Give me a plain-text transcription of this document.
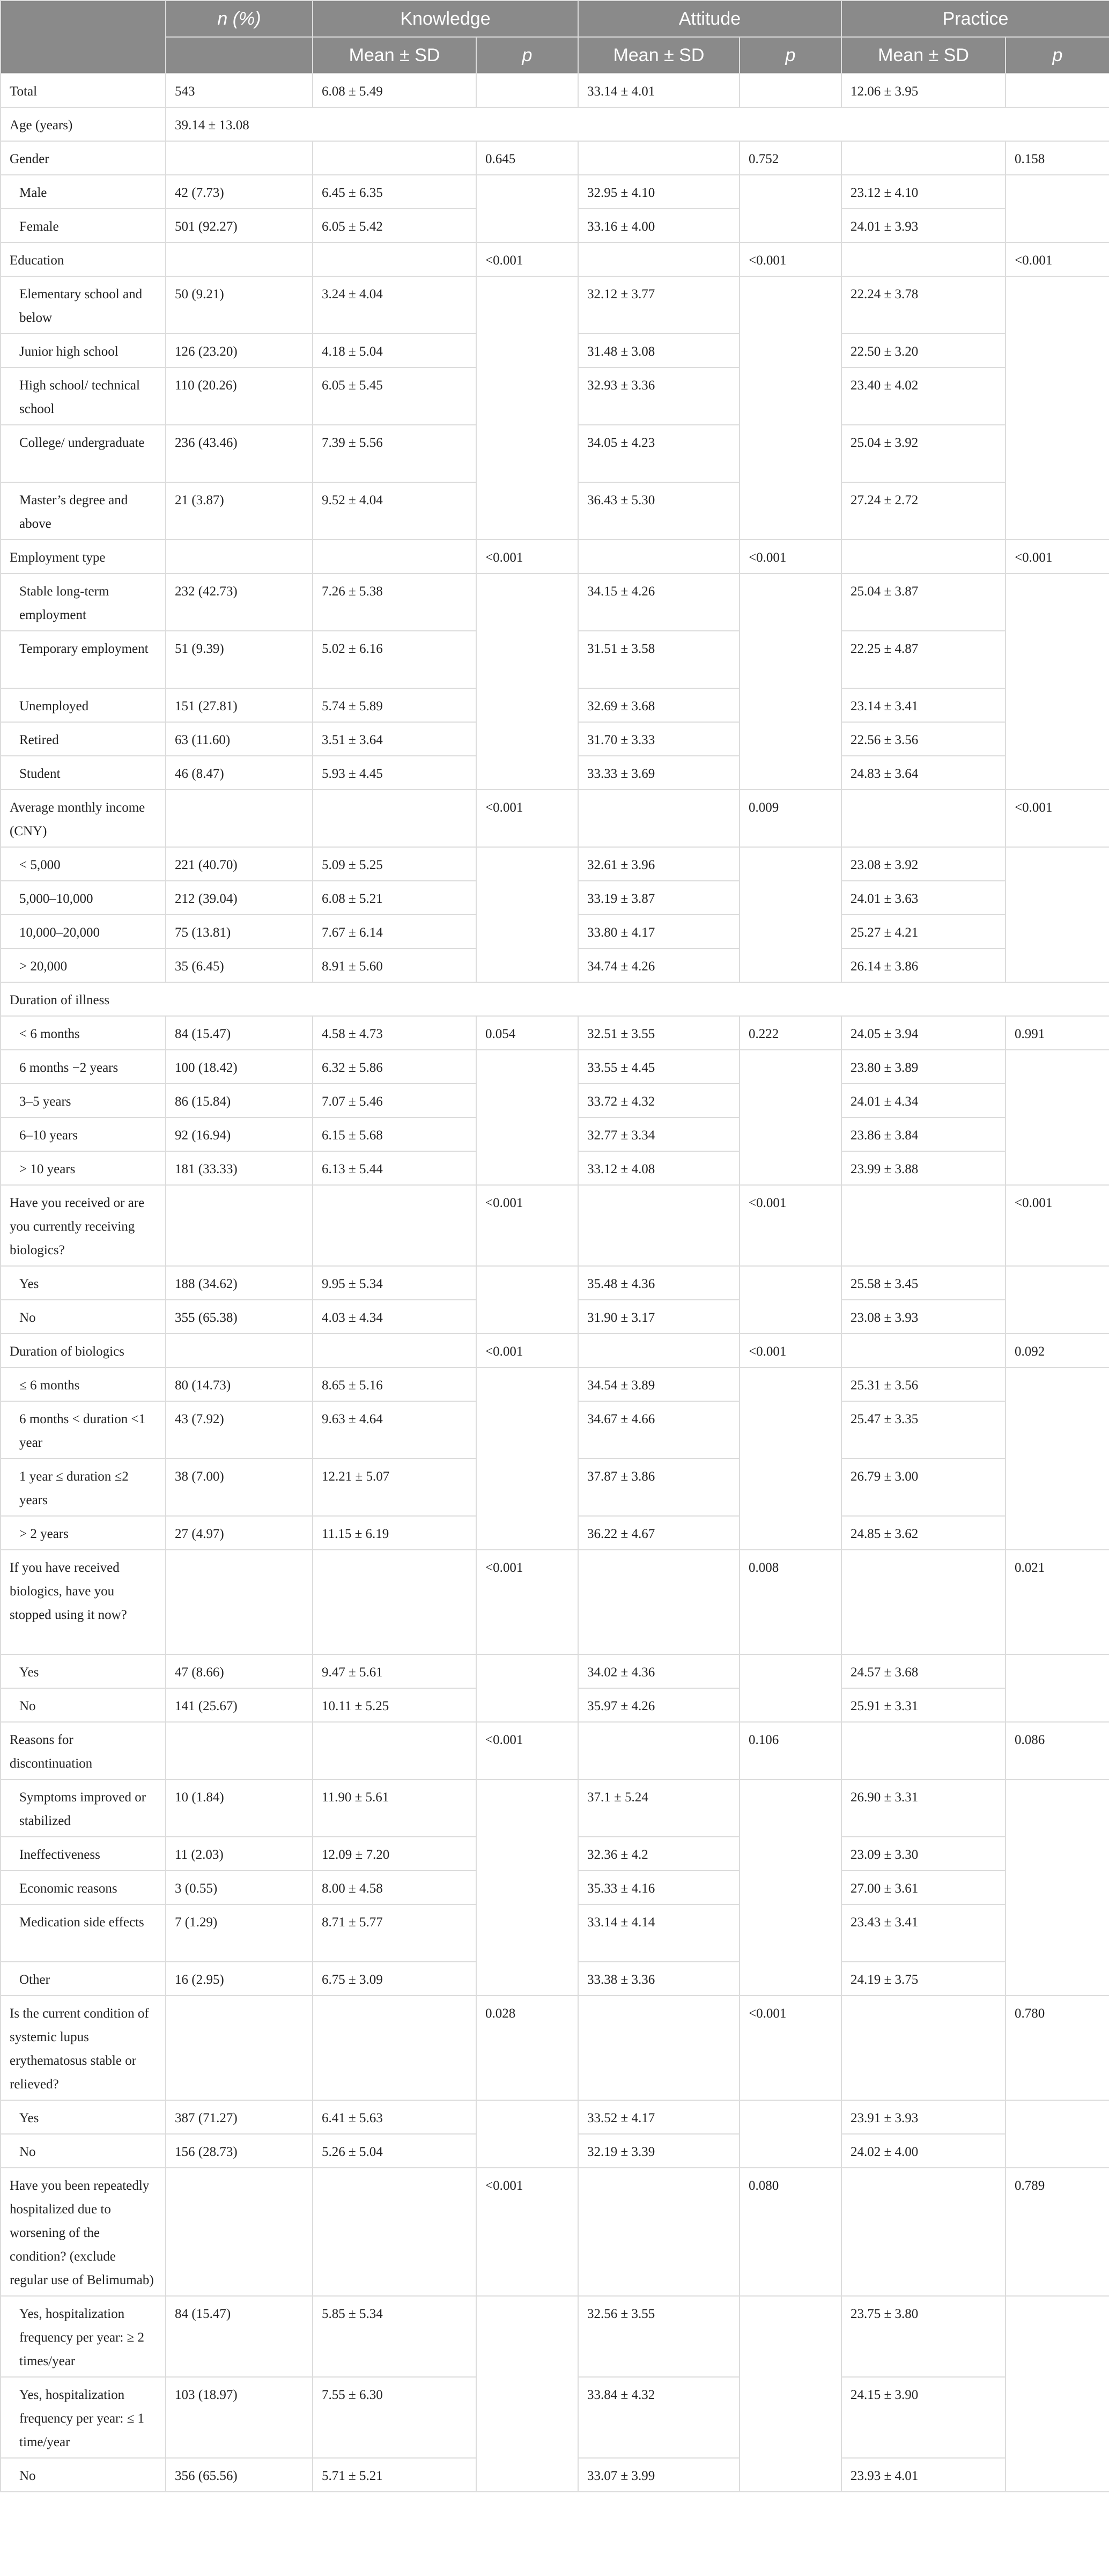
	n (%)	Knowledge		Attitude		Practice	
		Mean ± SD	p	Mean ± SD	p	Mean ± SD	p
Total	543	6.08 ± 5.49		33.14 ± 4.01		12.06 ± 3.95	
Age (years)	39.14 ± 13.08						
Gender			0.645		0.752		0.158
Male	42 (7.73)	6.45 ± 6.35		32.95 ± 4.10		23.12 ± 4.10	
Female	501 (92.27)	6.05 ± 5.42		33.16 ± 4.00		24.01 ± 3.93	
Education			<0.001		<0.001		<0.001
Elementary school and below	50 (9.21)	3.24 ± 4.04		32.12 ± 3.77		22.24 ± 3.78	
Junior high school	126 (23.20)	4.18 ± 5.04		31.48 ± 3.08		22.50 ± 3.20	
High school/ technical school	110 (20.26)	6.05 ± 5.45		32.93 ± 3.36		23.40 ± 4.02	
College/ undergraduate	236 (43.46)	7.39 ± 5.56		34.05 ± 4.23		25.04 ± 3.92	
Master’s degree and above	21 (3.87)	9.52 ± 4.04		36.43 ± 5.30		27.24 ± 2.72	
Employment type			<0.001		<0.001		<0.001
Stable long-term employment	232 (42.73)	7.26 ± 5.38		34.15 ± 4.26		25.04 ± 3.87	
Temporary employment	51 (9.39)	5.02 ± 6.16		31.51 ± 3.58		22.25 ± 4.87	
Unemployed	151 (27.81)	5.74 ± 5.89		32.69 ± 3.68		23.14 ± 3.41	
Retired	63 (11.60)	3.51 ± 3.64		31.70 ± 3.33		22.56 ± 3.56	
Student	46 (8.47)	5.93 ± 4.45		33.33 ± 3.69		24.83 ± 3.64	
Average monthly income (CNY)			<0.001		0.009		<0.001
< 5,000	221 (40.70)	5.09 ± 5.25		32.61 ± 3.96		23.08 ± 3.92	
5,000–10,000	212 (39.04)	6.08 ± 5.21		33.19 ± 3.87		24.01 ± 3.63	
10,000–20,000	75 (13.81)	7.67 ± 6.14		33.80 ± 4.17		25.27 ± 4.21	
> 20,000	35 (6.45)	8.91 ± 5.60		34.74 ± 4.26		26.14 ± 3.86	
Duration of illness							
< 6 months	84 (15.47)	4.58 ± 4.73	0.054	32.51 ± 3.55	0.222	24.05 ± 3.94	0.991
6 months −2 years	100 (18.42)	6.32 ± 5.86		33.55 ± 4.45		23.80 ± 3.89	
3–5 years	86 (15.84)	7.07 ± 5.46		33.72 ± 4.32		24.01 ± 4.34	
6–10 years	92 (16.94)	6.15 ± 5.68		32.77 ± 3.34		23.86 ± 3.84	
> 10 years	181 (33.33)	6.13 ± 5.44		33.12 ± 4.08		23.99 ± 3.88	
Have you received or are you currently receiving biologics?			<0.001		<0.001		<0.001
Yes	188 (34.62)	9.95 ± 5.34		35.48 ± 4.36		25.58 ± 3.45	
No	355 (65.38)	4.03 ± 4.34		31.90 ± 3.17		23.08 ± 3.93	
Duration of biologics			<0.001		<0.001		0.092
≤ 6 months	80 (14.73)	8.65 ± 5.16		34.54 ± 3.89		25.31 ± 3.56	
6 months < duration <1 year	43 (7.92)	9.63 ± 4.64		34.67 ± 4.66		25.47 ± 3.35	
1 year ≤ duration ≤2 years	38 (7.00)	12.21 ± 5.07		37.87 ± 3.86		26.79 ± 3.00	
> 2 years	27 (4.97)	11.15 ± 6.19		36.22 ± 4.67		24.85 ± 3.62	
If you have received biologics, have you stopped using it now?			<0.001		0.008		0.021
Yes	47 (8.66)	9.47 ± 5.61		34.02 ± 4.36		24.57 ± 3.68	
No	141 (25.67)	10.11 ± 5.25		35.97 ± 4.26		25.91 ± 3.31	
Reasons for discontinuation			<0.001		0.106		0.086
Symptoms improved or stabilized	10 (1.84)	11.90 ± 5.61		37.1 ± 5.24		26.90 ± 3.31	
Ineffectiveness	11 (2.03)	12.09 ± 7.20		32.36 ± 4.2		23.09 ± 3.30	
Economic reasons	3 (0.55)	8.00 ± 4.58		35.33 ± 4.16		27.00 ± 3.61	
Medication side effects	7 (1.29)	8.71 ± 5.77		33.14 ± 4.14		23.43 ± 3.41	
Other	16 (2.95)	6.75 ± 3.09		33.38 ± 3.36		24.19 ± 3.75	
Is the current condition of systemic lupus erythematosus stable or relieved?			0.028		<0.001		0.780
Yes	387 (71.27)	6.41 ± 5.63		33.52 ± 4.17		23.91 ± 3.93	
No	156 (28.73)	5.26 ± 5.04		32.19 ± 3.39		24.02 ± 4.00	
Have you been repeatedly hospitalized due to worsening of the condition? (exclude regular use of Belimumab)			<0.001		0.080		0.789
Yes, hospitalization frequency per year: ≥ 2 times/year	84 (15.47)	5.85 ± 5.34		32.56 ± 3.55		23.75 ± 3.80	
Yes, hospitalization frequency per year: ≤ 1 time/year	103 (18.97)	7.55 ± 6.30		33.84 ± 4.32		24.15 ± 3.90	
No	356 (65.56)	5.71 ± 5.21		33.07 ± 3.99		23.93 ± 4.01	
